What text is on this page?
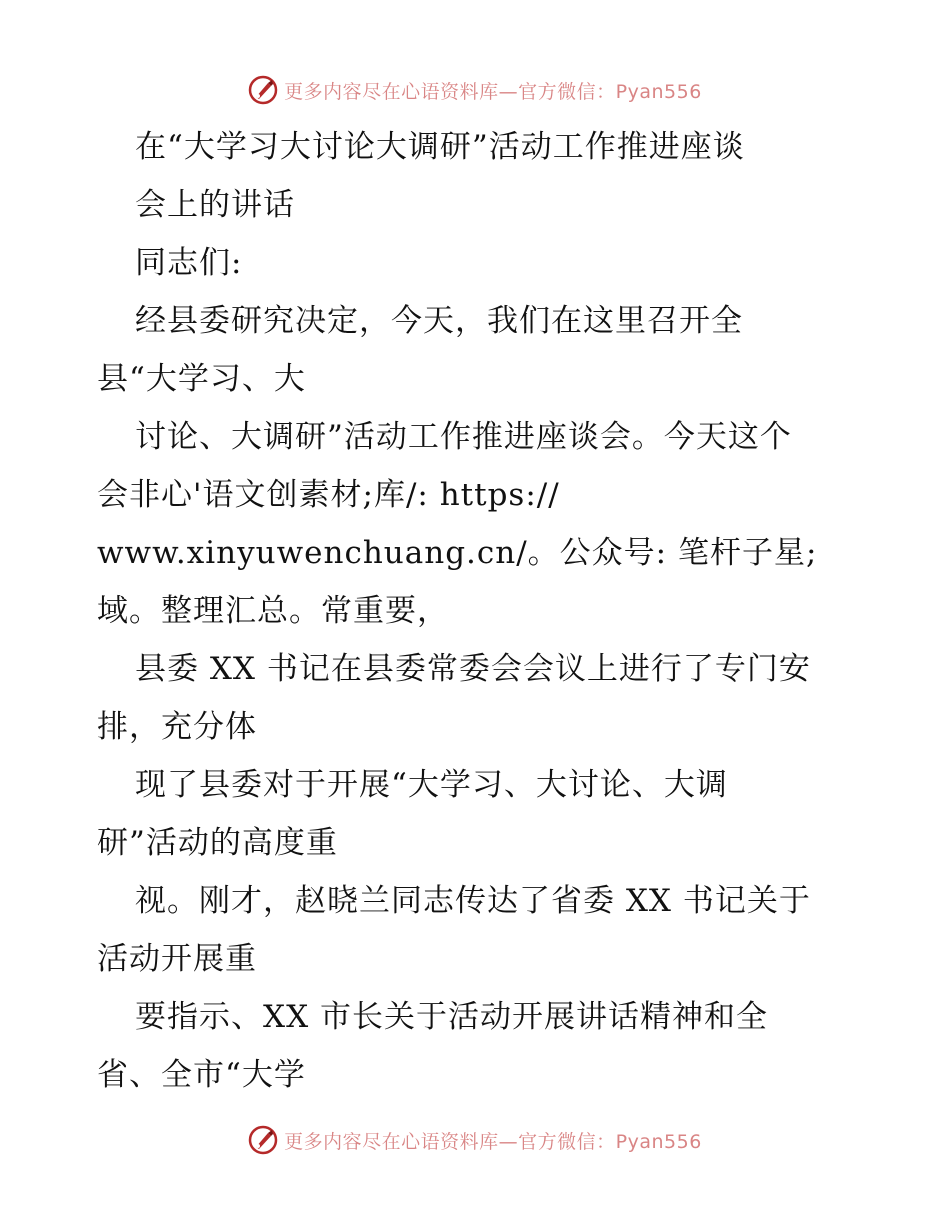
更多内容尽在心语资料库—官方微信：Pyan556
在“大学习大讨论大调研”活动工作推进座谈
会上的讲话
同志们:
经县委研究决定，今天，我们在这里召开全
县“大学习、大
讨论、大调研”活动工作推进座谈会。今天这个
会非心'语文创素材;库/: https://
www.xinyuwenchuang.cn/。公众号: 笔杆子星;
域。整理汇总。常重要，
县委 XX 书记在县委常委会会议上进行了专门安
排，充分体
现了县委对于开展“大学习、大讨论、大调
研”活动的高度重
视。刚才，赵晓兰同志传达了省委 XX 书记关于
活动开展重
要指示、XX 市长关于活动开展讲话精神和全
省、全市“大学
更多内容尽在心语资料库—官方微信：Pyan556
